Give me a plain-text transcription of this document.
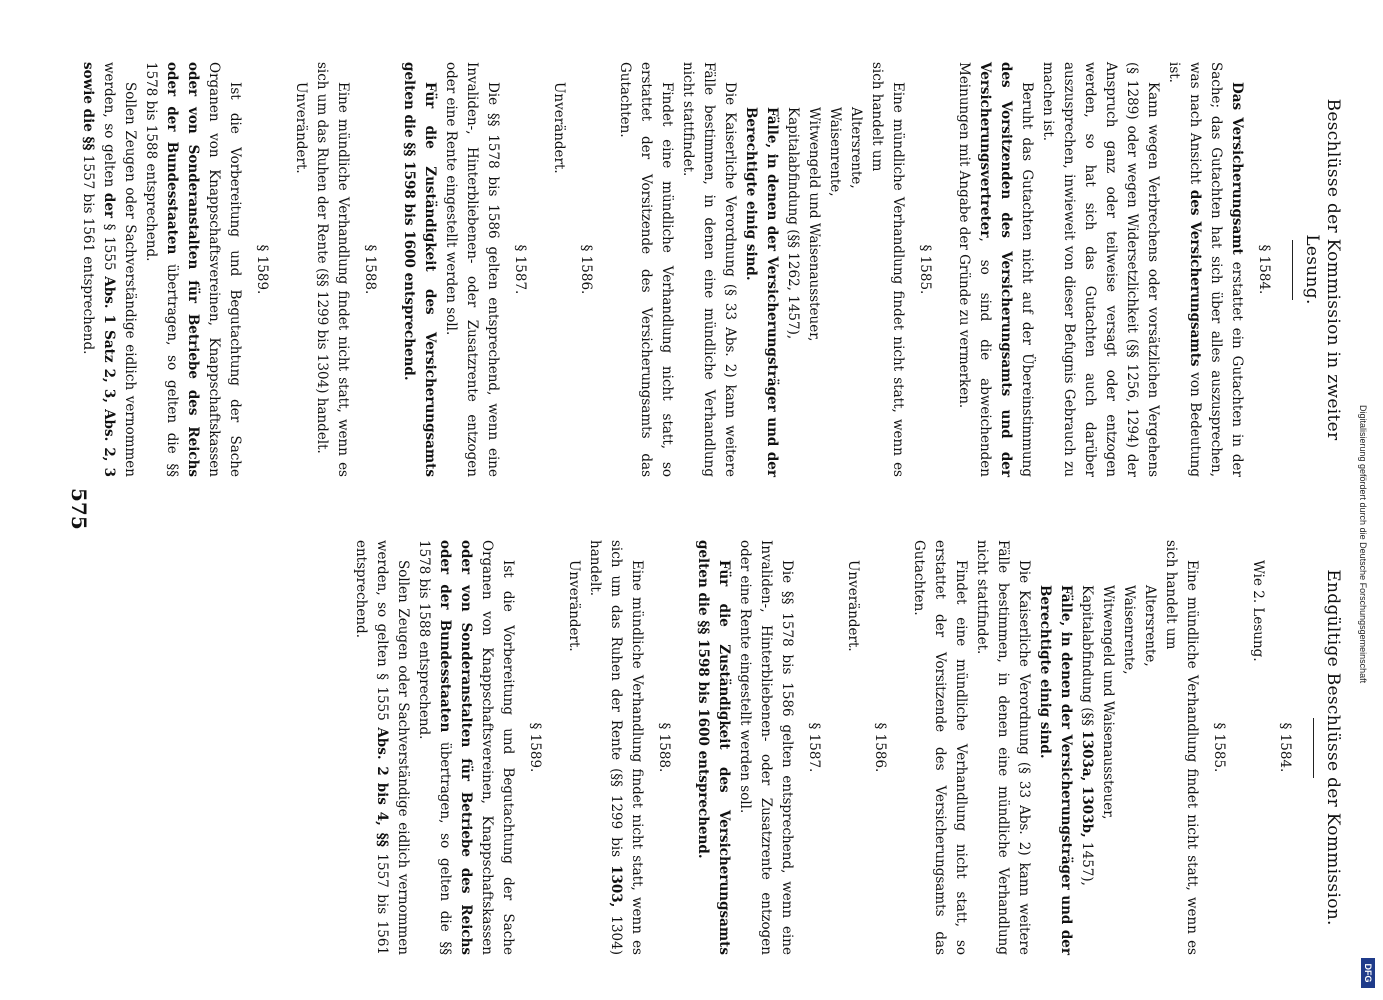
Digitalisierung gefördert durch die Deutsche Forschungsgemeinschaft
DFG
575
Beschlüsse der Kommission in zweiter Lesung.
§ 1584.

Das Versicherungsamt erstattet ein Gutachten in der Sache; das Gutachten hat sich über alles auszusprechen, was nach Ansicht des Versicherungsamts von Bedeutung ist.

Kann wegen Verbrechens oder vorsätzlichen Vergehens (§ 1289) oder wegen Widersetzlichkeit (§§ 1256, 1294) der Anspruch ganz oder teilweise versagt oder entzogen werden, so hat sich das Gutachten auch darüber auszusprechen, inwieweit von dieser Befugnis Gebrauch zu machen ist.

Beruht das Gutachten nicht auf der Übereinstimmung des Vorsitzenden des Versicherungsamts und der Versicherungsvertreter, so sind die abweichenden Meinungen mit Angabe der Gründe zu vermerken.

§ 1585.

Eine mündliche Verhandlung findet nicht statt, wenn es sich handelt um

Altersrente,

Waisenrente,

Witwengeld und Waisenaussteuer,

Kapitalabfindung (§§ 1262, 1457),

Fälle, in denen der Versicherungsträger und der Berechtigte einig sind.

Die Kaiserliche Verordnung (§ 33 Abs. 2) kann weitere Fälle bestimmen, in denen eine mündliche Verhandlung nicht stattfindet.

Findet eine mündliche Verhandlung nicht statt, so erstattet der Vorsitzende des Versicherungsamts das Gutachten.

§ 1586.

Unverändert.

§ 1587.

Die §§ 1578 bis 1586 gelten entsprechend, wenn eine Invaliden-, Hinterbliebenen- oder Zusatzrente entzogen oder eine Rente eingestellt werden soll.

Für die Zuständigkeit des Versicherungsamts gelten die §§ 1598 bis 1600 entsprechend.

§ 1588.

Eine mündliche Verhandlung findet nicht statt, wenn es sich um das Ruhen der Rente (§§ 1299 bis 1304) handelt.

Unverändert.

§ 1589.

Ist die Vorbereitung und Begutachtung der Sache Organen von Knappschaftsvereinen, Knappschaftskassen oder von Sonderanstalten für Betriebe des Reichs oder der Bundesstaaten übertragen, so gelten die §§ 1578 bis 1588 entsprechend.

Sollen Zeugen oder Sachverständige eidlich vernommen werden, so gelten der § 1555 Abs. 1 Satz 2, 3, Abs. 2, 3 sowie die §§ 1557 bis 1561 entsprechend.

Endgültige Beschlüsse der Kommission.
§ 1584.

Wie 2. Lesung.

§ 1585.

Eine mündliche Verhandlung findet nicht statt, wenn es sich handelt um

Altersrente,

Waisenrente,

Witwengeld und Waisenaussteuer,

Kapitalabfindung (§§ 1303a, 1303b, 1457),

Fälle, in denen der Versicherungsträger und der Berechtigte einig sind.

Die Kaiserliche Verordnung (§ 33 Abs. 2) kann weitere Fälle bestimmen, in denen eine mündliche Verhandlung nicht stattfindet.

Findet eine mündliche Verhandlung nicht statt, so erstattet der Vorsitzende des Versicherungsamts das Gutachten.

§ 1586.

Unverändert.

§ 1587.

Die §§ 1578 bis 1586 gelten entsprechend, wenn eine Invaliden-, Hinterbliebenen- oder Zusatzrente entzogen oder eine Rente eingestellt werden soll.

Für die Zuständigkeit des Versicherungsamts gelten die §§ 1598 bis 1600 entsprechend.

§ 1588.

Eine mündliche Verhandlung findet nicht statt, wenn es sich um das Ruhen der Rente (§§ 1299 bis 1303, 1304) handelt.

Unverändert.

§ 1589.

Ist die Vorbereitung und Begutachtung der Sache Organen von Knappschaftsvereinen, Knappschaftskassen oder von Sonderanstalten für Betriebe des Reichs oder der Bundesstaaten übertragen, so gelten die §§ 1578 bis 1588 entsprechend.

Sollen Zeugen oder Sachverständige eidlich vernommen werden, so gelten § 1555 Abs. 2 bis 4, §§ 1557 bis 1561 entsprechend.
